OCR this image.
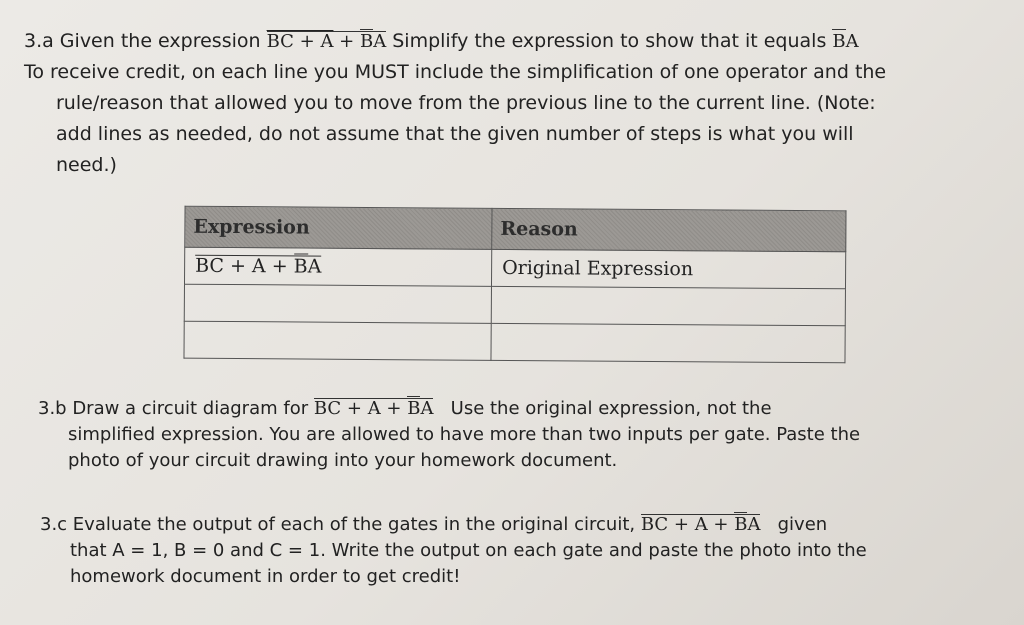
3.a Given the expression BC + A + BA Simplify the expression to show that it equals BA
To receive credit, on each line you MUST include the simplification of one operator and the
rule/reason that allowed you to move from the previous line to the current line. (Note:
add lines as needed, do not assume that the given number of steps is what you will
need.)
Expression	Reason
BC + A + BA	Original Expression

3.b Draw a circuit diagram for BC + A + BA   Use the original expression, not the
simplified expression. You are allowed to have more than two inputs per gate. Paste the
photo of your circuit drawing into your homework document.
3.c Evaluate the output of each of the gates in the original circuit, BC + A + BA   given
that A = 1, B = 0 and C = 1. Write the output on each gate and paste the photo into the
homework document in order to get credit!
